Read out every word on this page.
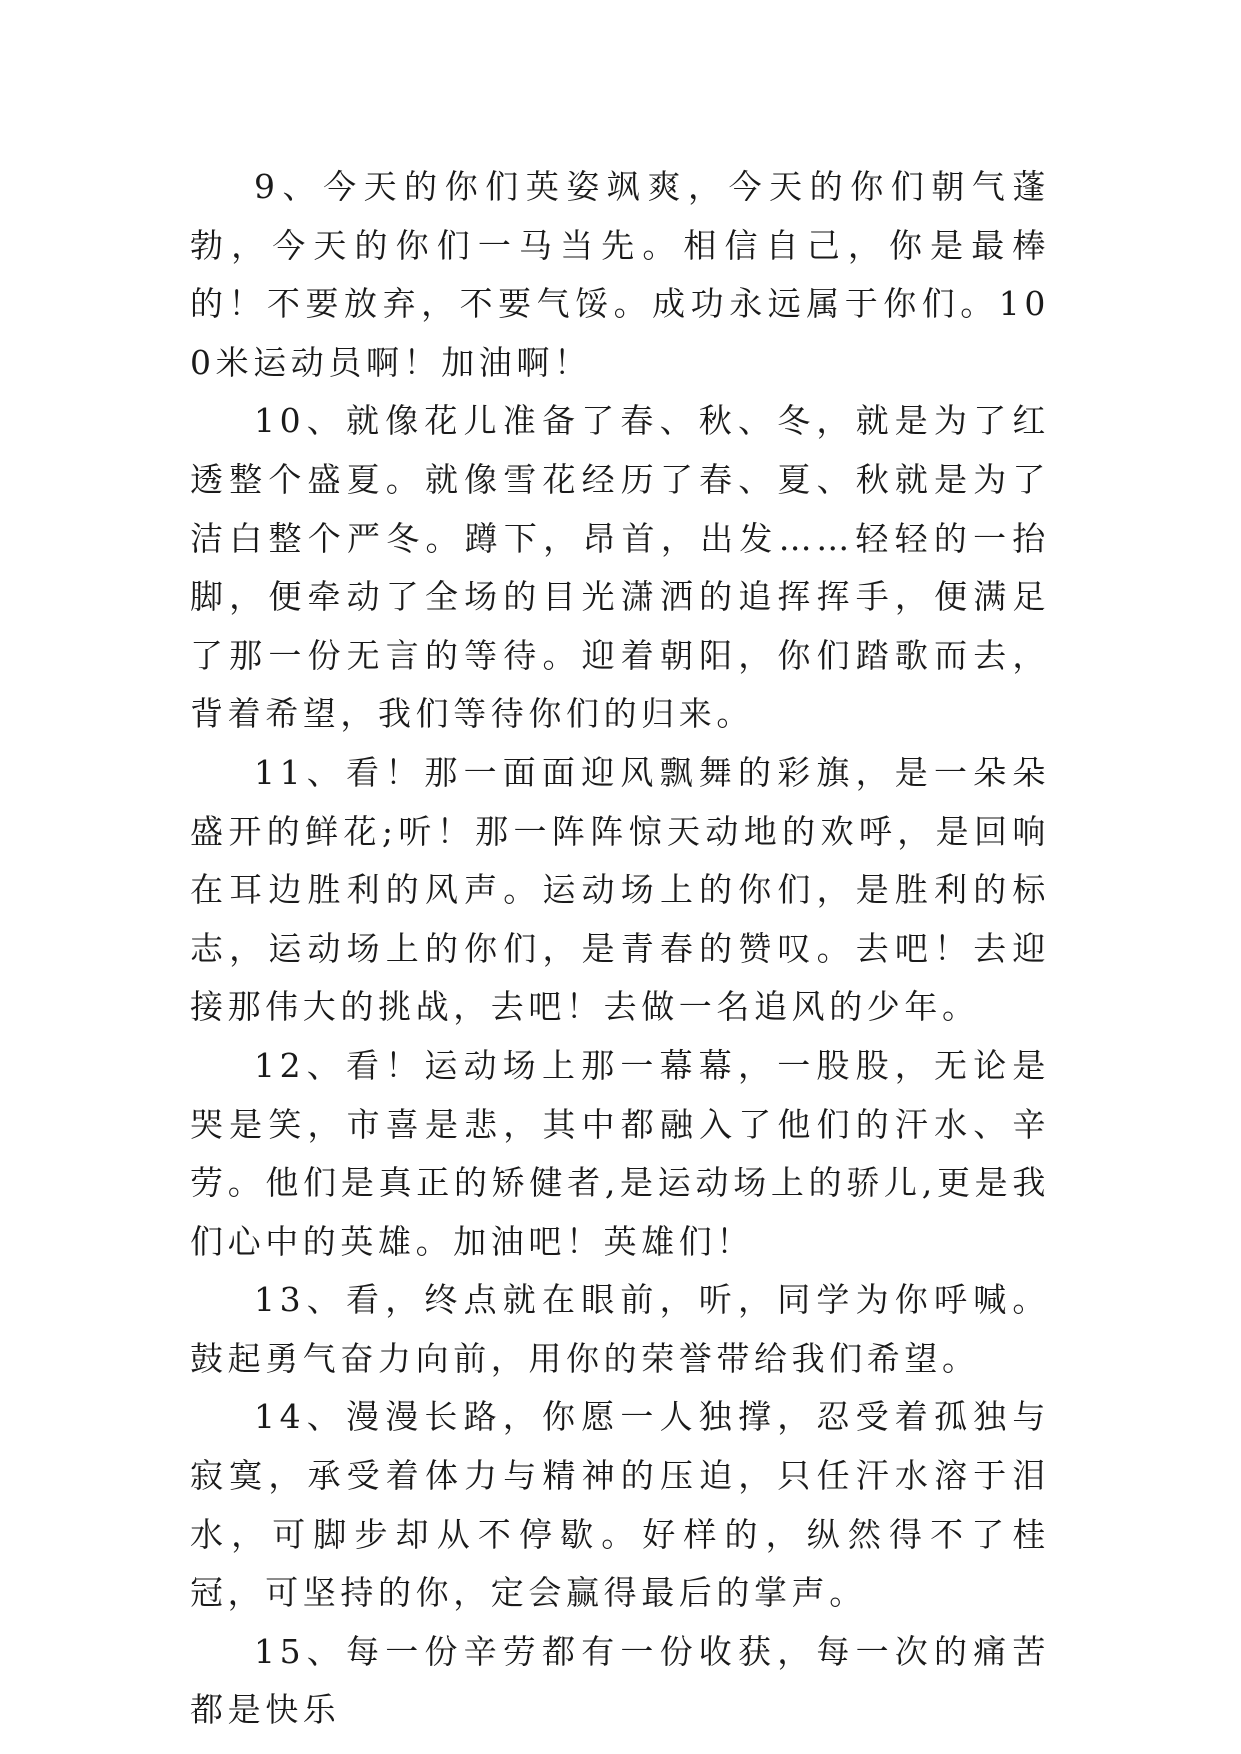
9、今天的你们英姿飒爽，今天的你们朝气蓬勃，今天的你们一马当先。相信自己，你是最棒的！不要放弃，不要气馁。成功永远属于你们。100米运动员啊！加油啊！

10、就像花儿准备了春、秋、冬，就是为了红透整个盛夏。就像雪花经历了春、夏、秋就是为了洁白整个严冬。蹲下，昂首，出发……轻轻的一抬脚，便牵动了全场的目光潇洒的追挥挥手，便满足了那一份无言的等待。迎着朝阳，你们踏歌而去，背着希望，我们等待你们的归来。

11、看！那一面面迎风飘舞的彩旗，是一朵朵盛开的鲜花;听！那一阵阵惊天动地的欢呼，是回响在耳边胜利的风声。运动场上的你们，是胜利的标志，运动场上的你们，是青春的赞叹。去吧！去迎接那伟大的挑战，去吧！去做一名追风的少年。

12、看！运动场上那一幕幕，一股股，无论是哭是笑，市喜是悲，其中都融入了他们的汗水、辛劳。他们是真正的矫健者,是运动场上的骄儿,更是我们心中的英雄。加油吧！英雄们！

13、看，终点就在眼前，听，同学为你呼喊。鼓起勇气奋力向前，用你的荣誉带给我们希望。

14、漫漫长路，你愿一人独撑，忍受着孤独与寂寞，承受着体力与精神的压迫，只任汗水溶于泪水，可脚步却从不停歇。好样的，纵然得不了桂冠，可坚持的你，定会赢得最后的掌声。

15、每一份辛劳都有一份收获，每一次的痛苦都是快乐
